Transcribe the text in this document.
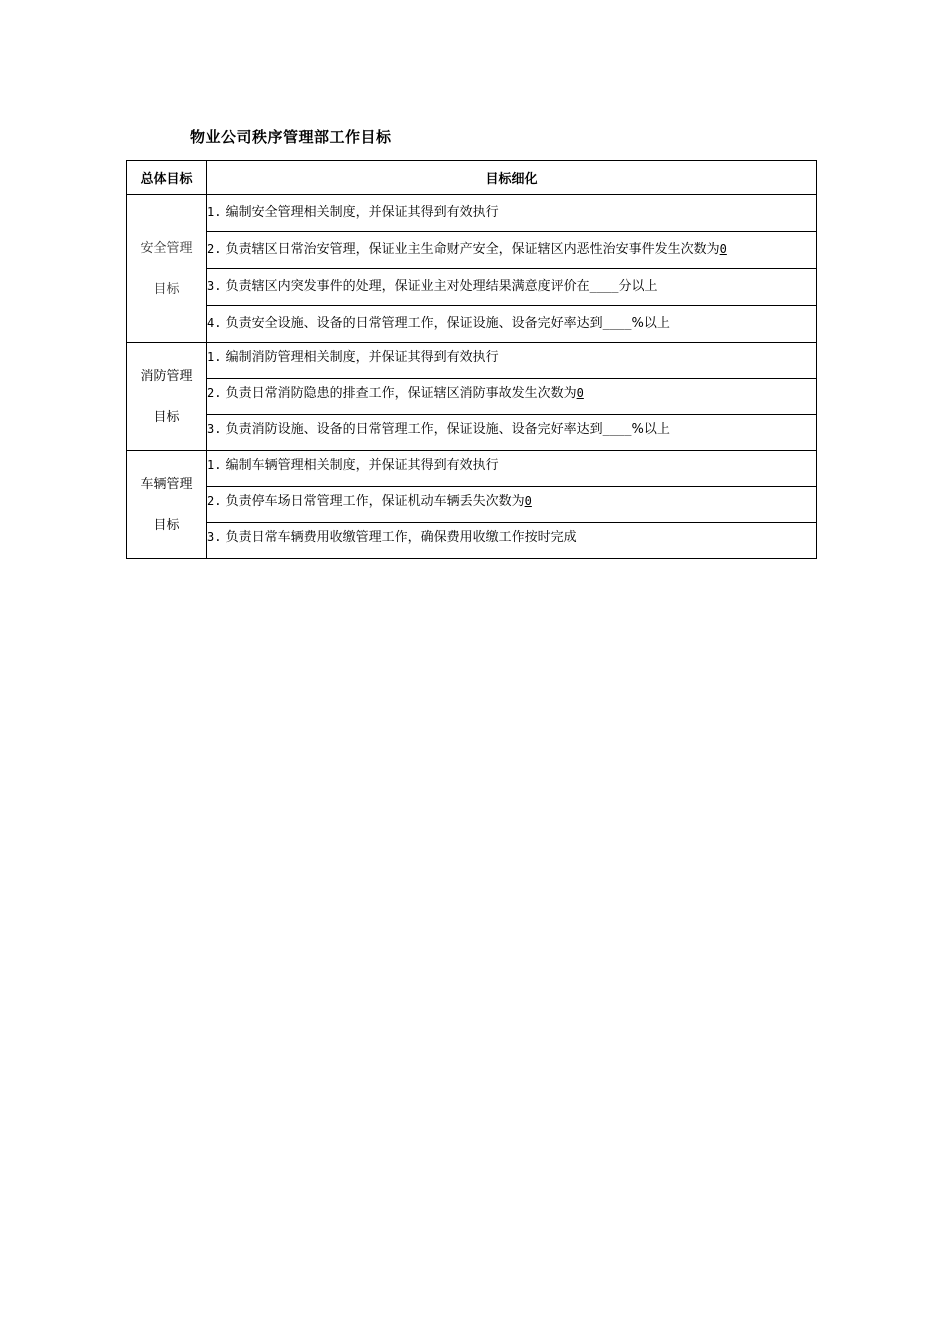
物业公司秩序管理部工作目标
总体目标	目标细化
安全管理
目标	1. 编制安全管理相关制度，并保证其得到有效执行
	2. 负责辖区日常治安管理，保证业主生命财产安全，保证辖区内恶性治安事件发生次数为0
	3. 负责辖区内突发事件的处理，保证业主对处理结果满意度评价在____分以上
	4. 负责安全设施、设备的日常管理工作，保证设施、设备完好率达到____%以上
消防管理
目标	1. 编制消防管理相关制度，并保证其得到有效执行
	2. 负责日常消防隐患的排查工作，保证辖区消防事故发生次数为0
	3. 负责消防设施、设备的日常管理工作，保证设施、设备完好率达到____%以上
车辆管理
目标	1. 编制车辆管理相关制度，并保证其得到有效执行
	2. 负责停车场日常管理工作，保证机动车辆丢失次数为0
	3. 负责日常车辆费用收缴管理工作，确保费用收缴工作按时完成
